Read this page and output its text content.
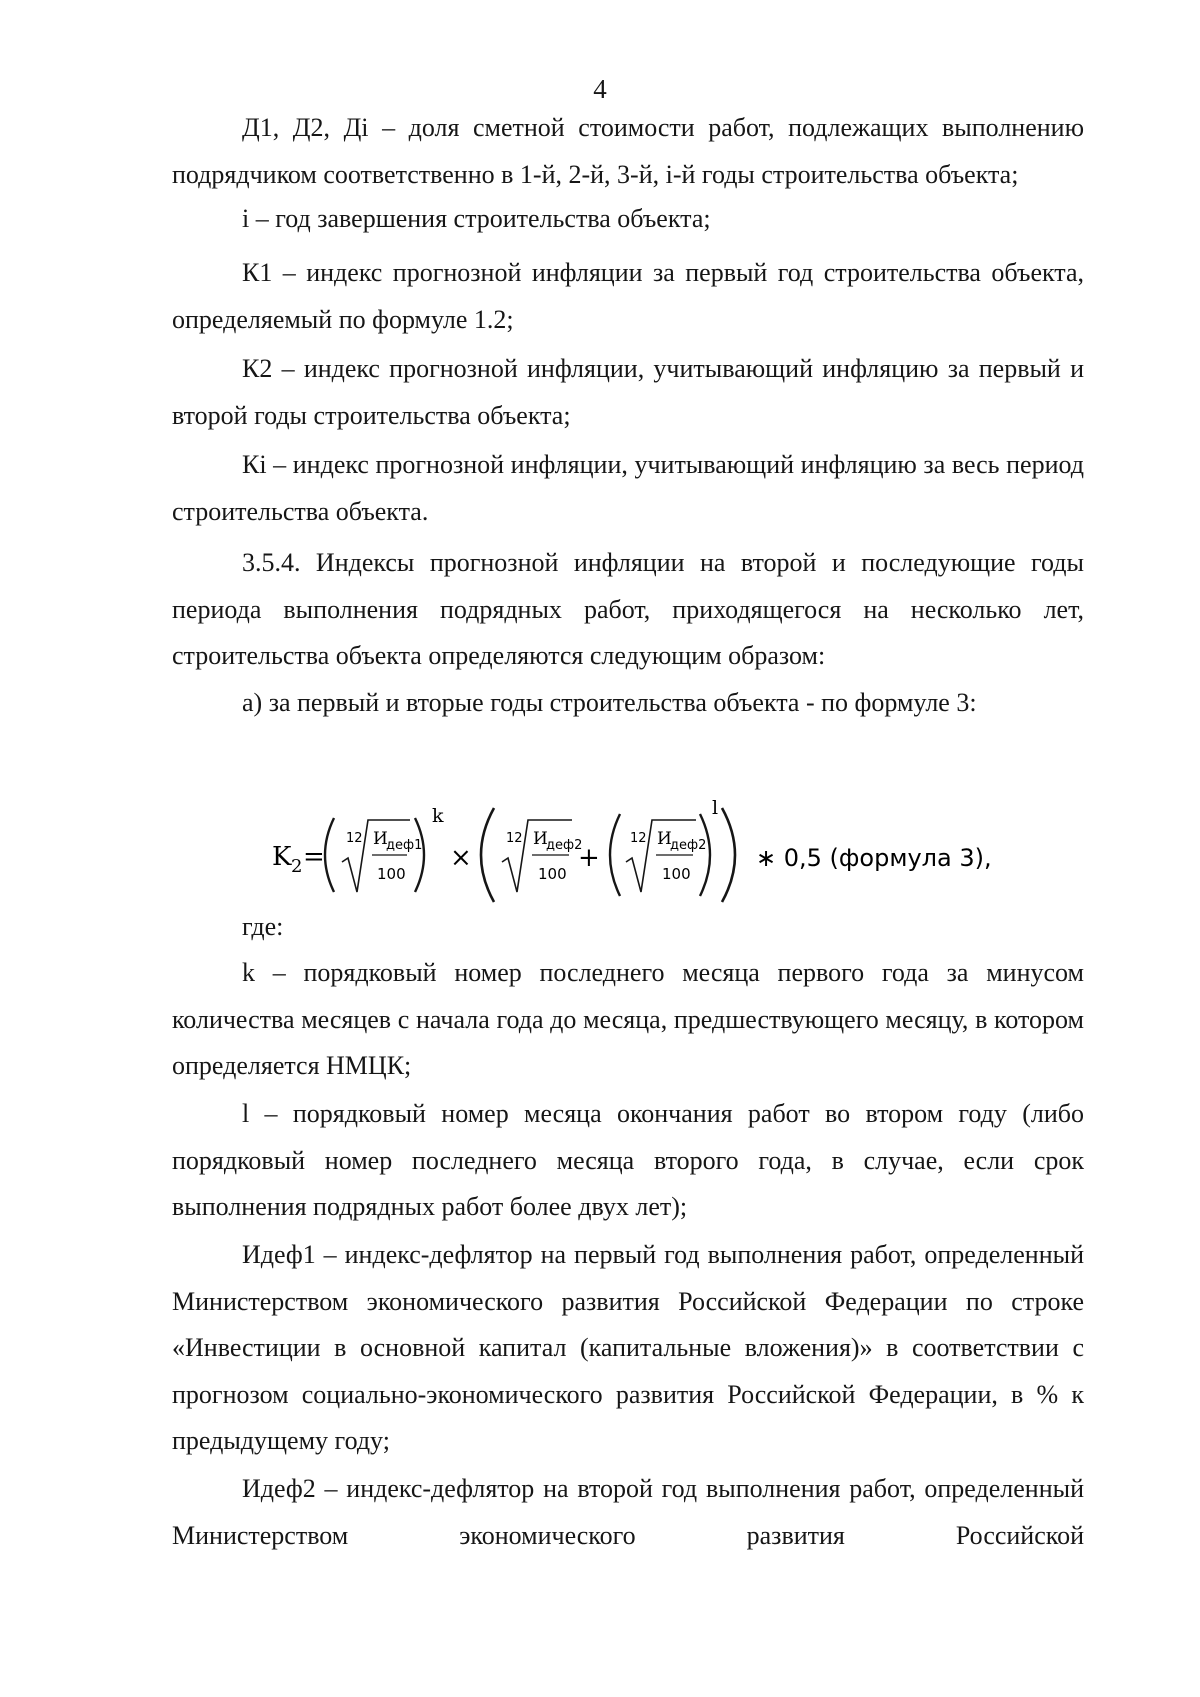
4

Д1, Д2, Дi – доля сметной стоимости работ, подлежащих выполнению подрядчиком соответственно в 1-й, 2-й, 3-й, i-й годы строительства объекта;

i – год завершения строительства объекта;

К1 – индекс прогнозной инфляции за первый год строительства объекта, определяемый по формуле 1.2;

К2 – индекс прогнозной инфляции, учитывающий инфляцию за первый и второй годы строительства объекта;

Кi – индекс прогнозной инфляции, учитывающий инфляцию за весь период строительства объекта.

3.5.4. Индексы прогнозной инфляции на второй и последующие годы периода выполнения подрядных работ, приходящегося на несколько лет, строительства объекта определяются следующим образом:

а) за первый и вторые годы строительства объекта - по формуле 3:
K 2 =
12 И
деф1
100
k
×
12 И
деф2
100
+
12 И
деф2
100
l
∗ 0,5 (формула 3),
где:

k – порядковый номер последнего месяца первого года за минусом количества месяцев с начала года до месяца, предшествующего месяцу, в котором определяется НМЦК;

l – порядковый номер месяца окончания работ во втором году (либо порядковый номер последнего месяца второго года, в случае, если срок выполнения подрядных работ более двух лет);

Идеф1 – индекс-дефлятор на первый год выполнения работ, определенный Министерством экономического развития Российской Федерации по строке «Инвестиции в основной капитал (капитальные вложения)» в соответствии с прогнозом социально-экономического развития Российской Федерации, в % к предыдущему году;

Идеф2 – индекс-дефлятор на второй год выполнения работ, определенный Министерством экономического развития Российской
